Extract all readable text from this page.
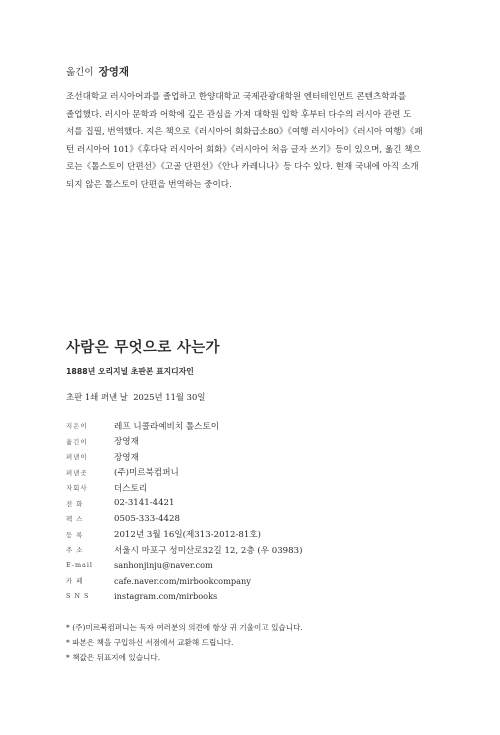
옮긴이 장영재
조선대학교 러시아어과를 졸업하고 한양대학교 국제관광대학원 엔터테인먼트 콘텐츠학과를
졸업했다. 러시아 문학과 어학에 깊은 관심을 가져 대학원 입학 후부터 다수의 러시아 관련 도
서를 집필, 번역했다. 지은 책으로《러시아어 회화급소80》《여행 러시아어》《러시아 여행》《패
턴 러시아어 101》《후다닥 러시아어 회화》《러시아어 처음 글자 쓰기》등이 있으며, 옮긴 책으
로는《톨스토이 단편선》《고골 단편선》《안나 카레니나》등 다수 있다. 현재 국내에 아직 소개
되지 않은 톨스토이 단편을 번역하는 중이다.
사람은 무엇으로 사는가

1888년 오리지널 초판본 표지디자인

초판 1쇄 펴낸 날 2025년 11월 30일

지은이	레프 니콜라예비치 톨스토이
옮긴이	장영재
펴낸이	장영재
펴낸곳	(주)미르북컴퍼니
자회사	더스토리
전 화	02-3141-4421
팩 스	0505-333-4428
등 록	2012년 3월 16일(제313-2012-81호)
주 소	서울시 마포구 성미산로32길 12, 2층 (우 03983)
E-mail	sanhonjinju@naver.com
카 페	cafe.naver.com/mirbookcompany
S N S	instagram.com/mirbooks
* (주)미르북컴퍼니는 독자 여러분의 의견에 항상 귀 기울이고 있습니다.
* 파본은 책을 구입하신 서점에서 교환해 드립니다.
* 책값은 뒤표지에 있습니다.
